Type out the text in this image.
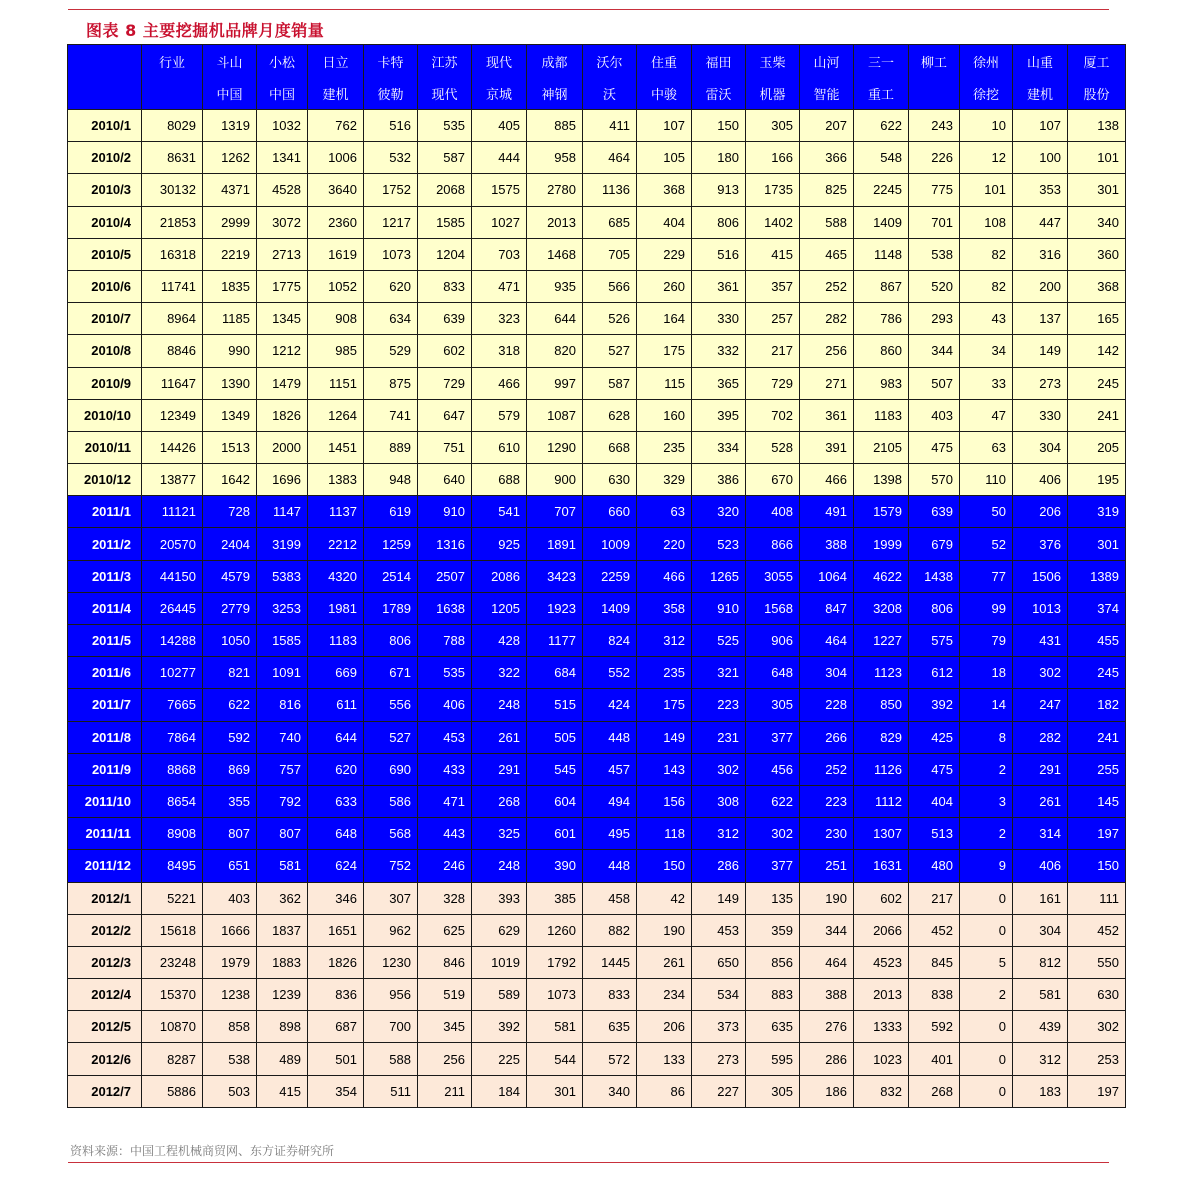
图表 8 主要挖掘机品牌月度销量
	行业	斗山	小松	日立	卡特	江苏	现代	成都	沃尔	住重	福田	玉柴	山河	三一	柳工	徐州	山重	厦工
		中国	中国	建机	彼勒	现代	京城	神钢	沃	中骏	雷沃	机器	智能	重工		徐挖	建机	股份
2010/1	8029	1319	1032	762	516	535	405	885	411	107	150	305	207	622	243	10	107	138
2010/2	8631	1262	1341	1006	532	587	444	958	464	105	180	166	366	548	226	12	100	101
2010/3	30132	4371	4528	3640	1752	2068	1575	2780	1136	368	913	1735	825	2245	775	101	353	301
2010/4	21853	2999	3072	2360	1217	1585	1027	2013	685	404	806	1402	588	1409	701	108	447	340
2010/5	16318	2219	2713	1619	1073	1204	703	1468	705	229	516	415	465	1148	538	82	316	360
2010/6	11741	1835	1775	1052	620	833	471	935	566	260	361	357	252	867	520	82	200	368
2010/7	8964	1185	1345	908	634	639	323	644	526	164	330	257	282	786	293	43	137	165
2010/8	8846	990	1212	985	529	602	318	820	527	175	332	217	256	860	344	34	149	142
2010/9	11647	1390	1479	1151	875	729	466	997	587	115	365	729	271	983	507	33	273	245
2010/10	12349	1349	1826	1264	741	647	579	1087	628	160	395	702	361	1183	403	47	330	241
2010/11	14426	1513	2000	1451	889	751	610	1290	668	235	334	528	391	2105	475	63	304	205
2010/12	13877	1642	1696	1383	948	640	688	900	630	329	386	670	466	1398	570	110	406	195
2011/1	11121	728	1147	1137	619	910	541	707	660	63	320	408	491	1579	639	50	206	319
2011/2	20570	2404	3199	2212	1259	1316	925	1891	1009	220	523	866	388	1999	679	52	376	301
2011/3	44150	4579	5383	4320	2514	2507	2086	3423	2259	466	1265	3055	1064	4622	1438	77	1506	1389
2011/4	26445	2779	3253	1981	1789	1638	1205	1923	1409	358	910	1568	847	3208	806	99	1013	374
2011/5	14288	1050	1585	1183	806	788	428	1177	824	312	525	906	464	1227	575	79	431	455
2011/6	10277	821	1091	669	671	535	322	684	552	235	321	648	304	1123	612	18	302	245
2011/7	7665	622	816	611	556	406	248	515	424	175	223	305	228	850	392	14	247	182
2011/8	7864	592	740	644	527	453	261	505	448	149	231	377	266	829	425	8	282	241
2011/9	8868	869	757	620	690	433	291	545	457	143	302	456	252	1126	475	2	291	255
2011/10	8654	355	792	633	586	471	268	604	494	156	308	622	223	1112	404	3	261	145
2011/11	8908	807	807	648	568	443	325	601	495	118	312	302	230	1307	513	2	314	197
2011/12	8495	651	581	624	752	246	248	390	448	150	286	377	251	1631	480	9	406	150
2012/1	5221	403	362	346	307	328	393	385	458	42	149	135	190	602	217	0	161	111
2012/2	15618	1666	1837	1651	962	625	629	1260	882	190	453	359	344	2066	452	0	304	452
2012/3	23248	1979	1883	1826	1230	846	1019	1792	1445	261	650	856	464	4523	845	5	812	550
2012/4	15370	1238	1239	836	956	519	589	1073	833	234	534	883	388	2013	838	2	581	630
2012/5	10870	858	898	687	700	345	392	581	635	206	373	635	276	1333	592	0	439	302
2012/6	8287	538	489	501	588	256	225	544	572	133	273	595	286	1023	401	0	312	253
2012/7	5886	503	415	354	511	211	184	301	340	86	227	305	186	832	268	0	183	197
资料来源：中国工程机械商贸网、东方证券研究所
